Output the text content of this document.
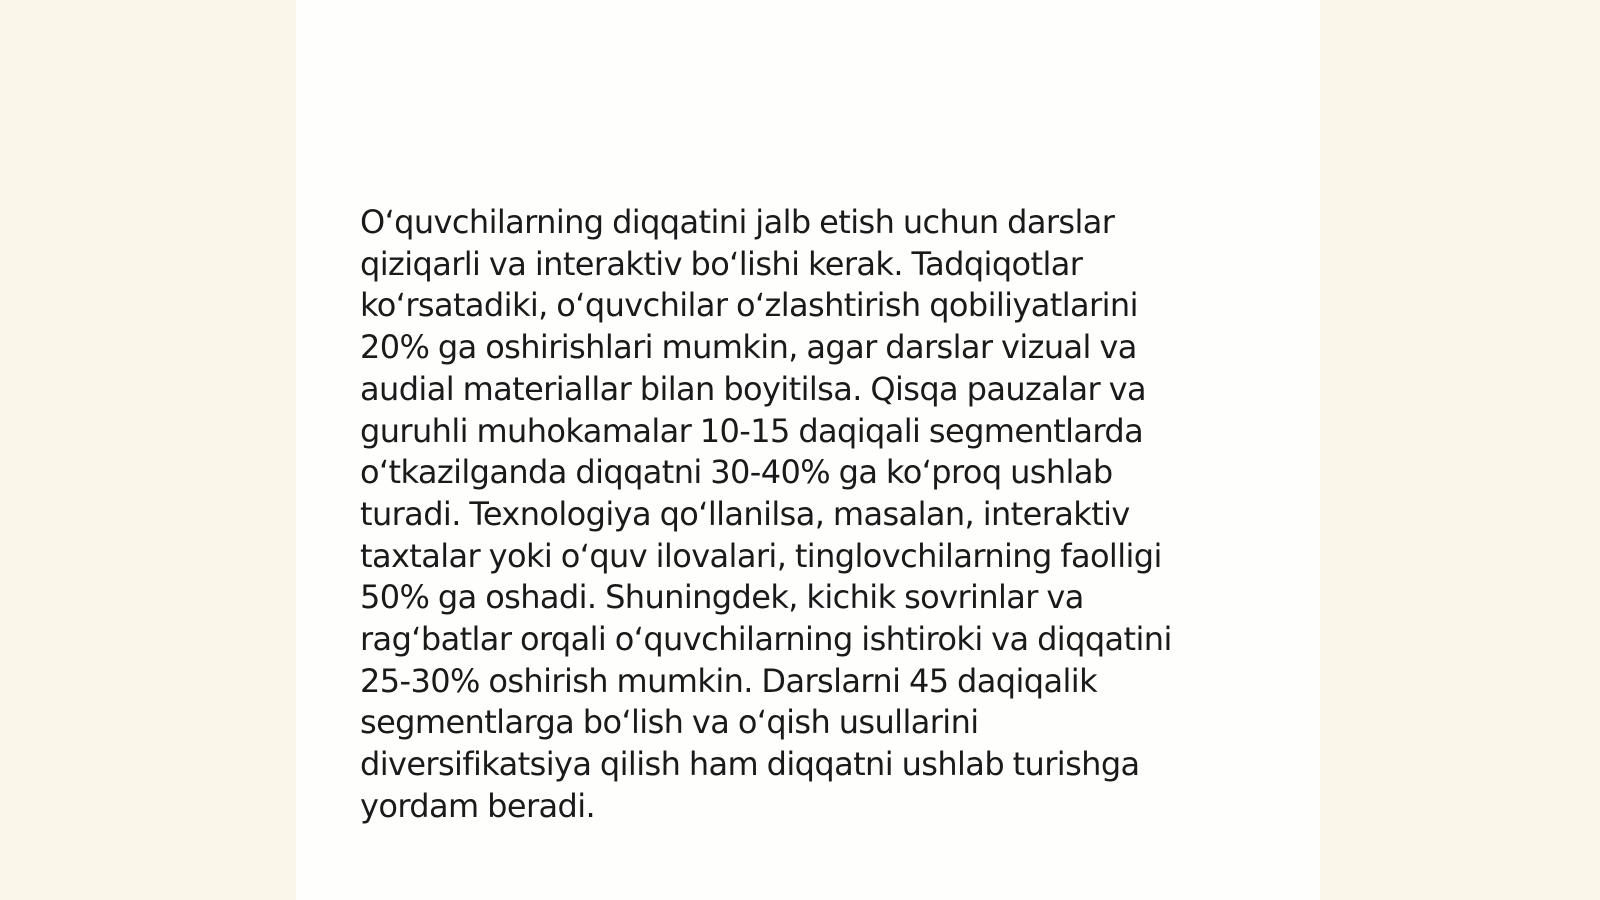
O‘quvchilarning diqqatini jalb etish uchun darslar
qiziqarli va interaktiv bo‘lishi kerak. Tadqiqotlar
ko‘rsatadiki, o‘quvchilar o‘zlashtirish qobiliyatlarini
20% ga oshirishlari mumkin, agar darslar vizual va
audial materiallar bilan boyitilsa. Qisqa pauzalar va
guruhli muhokamalar 10-15 daqiqali segmentlarda
o‘tkazilganda diqqatni 30-40% ga ko‘proq ushlab
turadi. Texnologiya qo‘llanilsa, masalan, interaktiv
taxtalar yoki o‘quv ilovalari, tinglovchilarning faolligi
50% ga oshadi. Shuningdek, kichik sovrinlar va
rag‘batlar orqali o‘quvchilarning ishtiroki va diqqatini
25-30% oshirish mumkin. Darslarni 45 daqiqalik
segmentlarga bo‘lish va o‘qish usullarini
diversifikatsiya qilish ham diqqatni ushlab turishga
yordam beradi.
